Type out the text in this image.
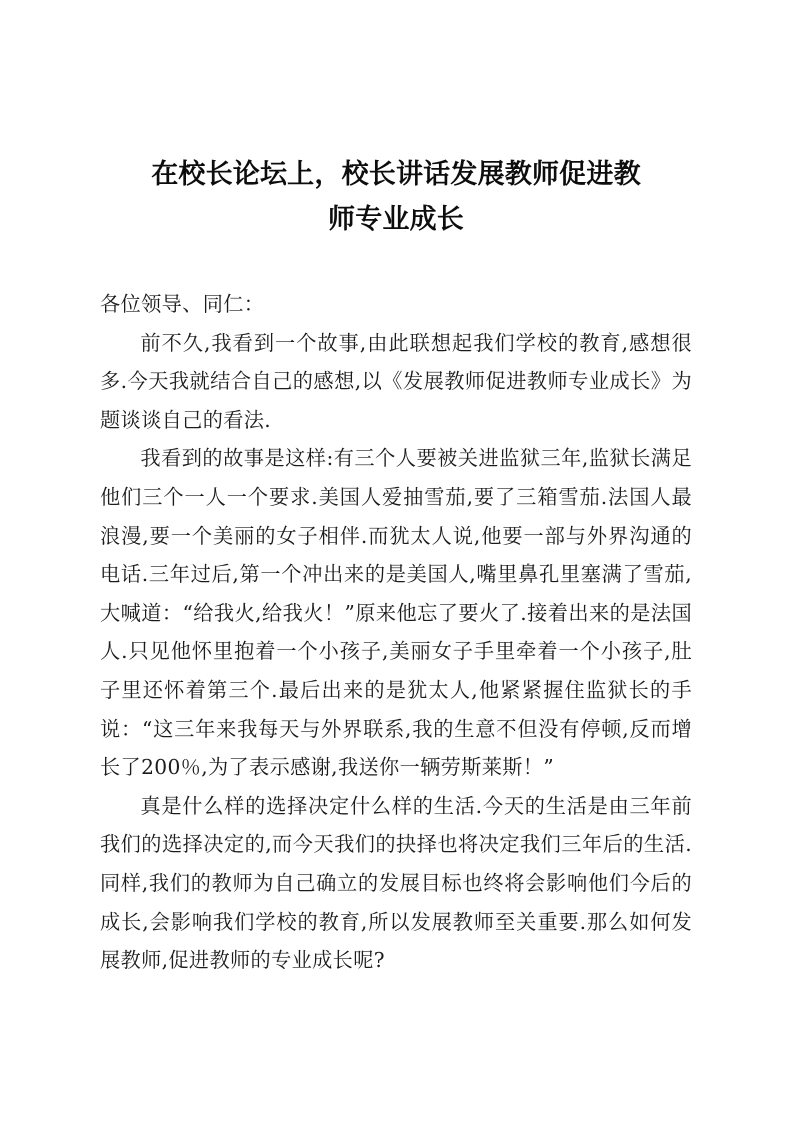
在校长论坛上，校长讲话发展教师促进教
师专业成长

各位领导、同仁：

前不久,我看到一个故事,由此联想起我们学校的教育,感想很多.今天我就结合自己的感想,以《发展教师促进教师专业成长》为题谈谈自己的看法.

我看到的故事是这样:有三个人要被关进监狱三年,监狱长满足他们三个一人一个要求.美国人爱抽雪茄,要了三箱雪茄.法国人最浪漫,要一个美丽的女子相伴.而犹太人说,他要一部与外界沟通的电话.三年过后,第一个冲出来的是美国人,嘴里鼻孔里塞满了雪茄,大喊道：“给我火,给我火！”原来他忘了要火了.接着出来的是法国人.只见他怀里抱着一个小孩子,美丽女子手里牵着一个小孩子,肚子里还怀着第三个.最后出来的是犹太人,他紧紧握住监狱长的手说：“这三年来我每天与外界联系,我的生意不但没有停顿,反而增长了200％,为了表示感谢,我送你一辆劳斯莱斯！”

真是什么样的选择决定什么样的生活.今天的生活是由三年前我们的选择决定的,而今天我们的抉择也将决定我们三年后的生活.同样,我们的教师为自己确立的发展目标也终将会影响他们今后的成长,会影响我们学校的教育,所以发展教师至关重要.那么如何发展教师,促进教师的专业成长呢?
